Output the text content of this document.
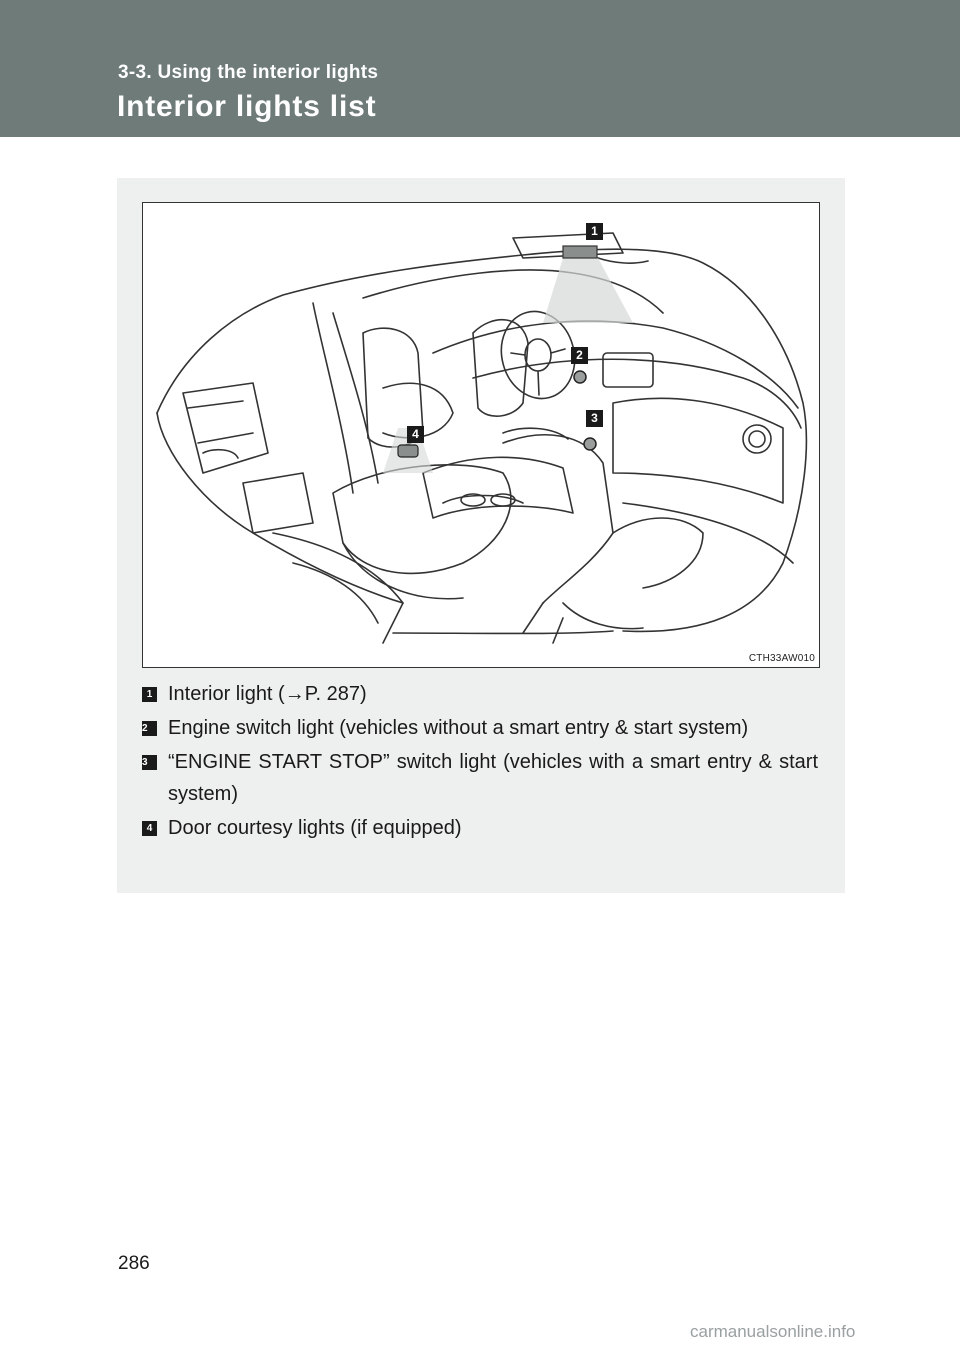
3-3. Using the interior lights
Interior lights list
1
2
3
4
CTH33AW010
1 Interior light (→P. 287)
2	Engine switch light (vehicles without a smart entry & start system)
3	“ENGINE START STOP” switch light (vehicles with a smart entry & start system)
4 Door courtesy lights (if equipped)
286
carmanualsonline.info
